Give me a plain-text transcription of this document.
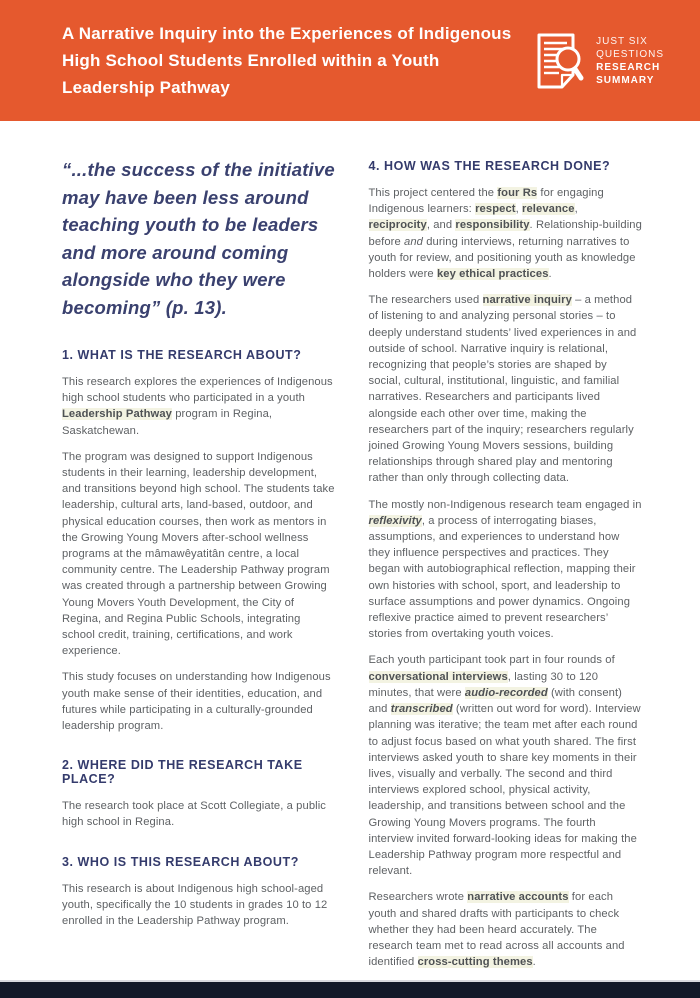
A Narrative Inquiry into the Experiences of Indigenous High School Students Enrolled within a Youth Leadership Pathway
JUST SIX
QUESTIONS
RESEARCH
SUMMARY
“...the success of the initiative may have been less around teaching youth to be leaders and more around coming alongside who they were becoming” (p. 13).
1. WHAT IS THE RESEARCH ABOUT?

This research explores the experiences of Indigenous high school students who participated in a youth Leadership Pathway program in Regina, Saskatchewan.

The program was designed to support Indigenous students in their learning, leadership development, and transitions beyond high school. The students take leadership, cultural arts, land-based, outdoor, and physical education courses, then work as mentors in the Growing Young Movers after-school wellness programs at the mâmawêyatitân centre, a local community centre. The Leadership Pathway program was created through a partnership between Growing Young Movers Youth Development, the City of Regina, and Regina Public Schools, integrating school credit, training, certifications, and work experience.

This study focuses on understanding how Indigenous youth make sense of their identities, education, and futures while participating in a culturally-grounded leadership program.

2. WHERE DID THE RESEARCH TAKE PLACE?

The research took place at Scott Collegiate, a public high school in Regina.

3. WHO IS THIS RESEARCH ABOUT?

This research is about Indigenous high school-aged youth, specifically the 10 students in grades 10 to 12 enrolled in the Leadership Pathway program.

4. HOW WAS THE RESEARCH DONE?

This project centered the four Rs for engaging Indigenous learners: respect, relevance, reciprocity, and responsibility. Relationship-building before and during interviews, returning narratives to youth for review, and positioning youth as knowledge holders were key ethical practices.

The researchers used narrative inquiry – a method of listening to and analyzing personal stories – to deeply understand students’ lived experiences in and outside of school. Narrative inquiry is relational, recognizing that people’s stories are shaped by social, cultural, institutional, linguistic, and familial narratives. Researchers and participants lived alongside each other over time, making the researchers part of the inquiry; researchers regularly joined Growing Young Movers sessions, building relationships through shared play and mentoring rather than only through collecting data.

The mostly non-Indigenous research team engaged in reflexivity, a process of interrogating biases, assumptions, and experiences to understand how they influence perspectives and practices. They began with autobiographical reflection, mapping their own histories with school, sport, and leadership to surface assumptions and power dynamics. Ongoing reflexive practice aimed to prevent researchers’ stories from overtaking youth voices.

Each youth participant took part in four rounds of conversational interviews, lasting 30 to 120 minutes, that were audio-recorded (with consent) and transcribed (written out word for word). Interview planning was iterative; the team met after each round to adjust focus based on what youth shared. The first interviews asked youth to share key moments in their lives, visually and verbally. The second and third interviews explored school, physical activity, leadership, and transitions between school and the Growing Young Movers programs. The fourth interview invited forward-looking ideas for making the Leadership Pathway program more respectful and relevant.

Researchers wrote narrative accounts for each youth and shared drafts with participants to check whether they had been heard accurately. The research team met to read across all accounts and identified cross-cutting themes.
